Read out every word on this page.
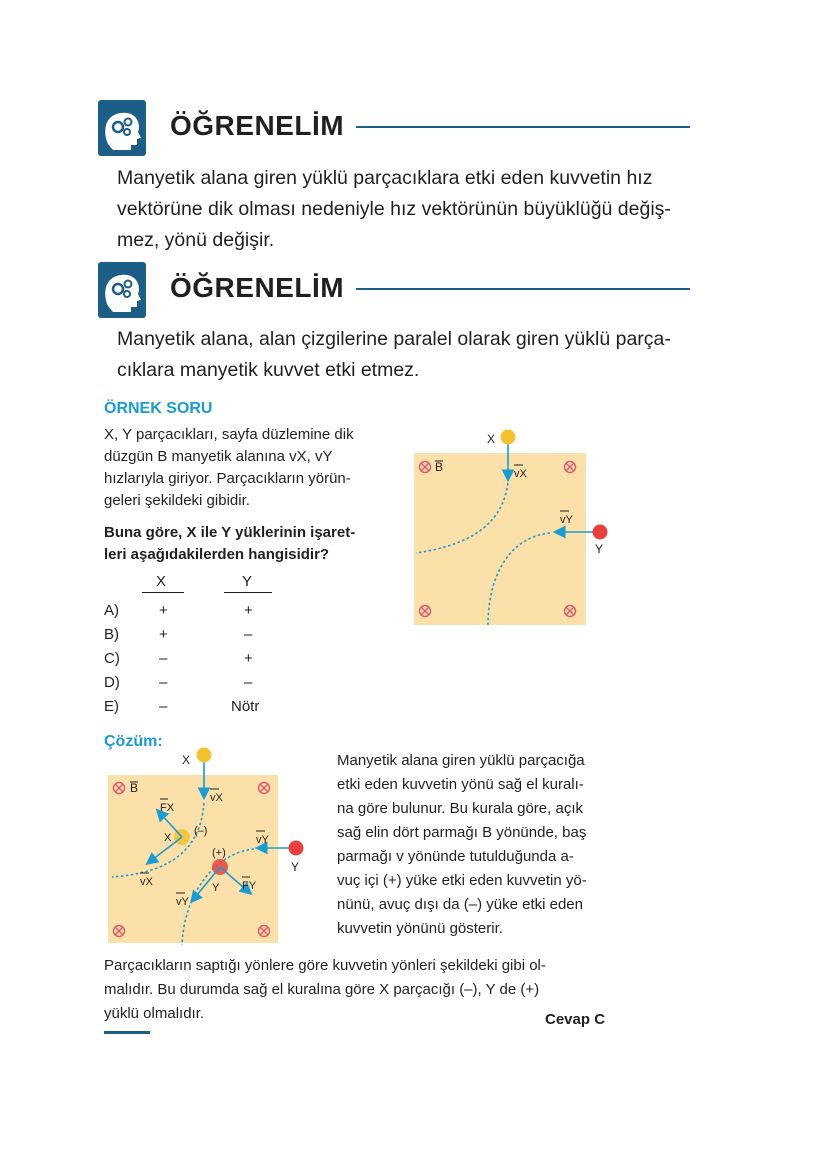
ÖĞRENELİM
Manyetik alana giren yüklü parçacıklara etki eden kuvvetin hız
vektörüne dik olması nedeniyle hız vektörünün büyüklüğü değiş-
mez, yönü değişir.
ÖĞRENELİM
Manyetik alana, alan çizgilerine paralel olarak giren yüklü parça-
cıklara manyetik kuvvet etki etmez.
ÖRNEK SORU
X, Y parçacıkları, sayfa düzlemine dik
düzgün B manyetik alanına vX, vY
hızlarıyla giriyor. Parçacıkların yörün-
geleri şekildeki gibidir.
Buna göre, X ile Y yüklerinin işaret-
leri aşağıdakilerden hangisidir?
X	Y
A)	+	+
B)	+	–
C)	–	+
D)	–	–
E)	–	Nötr
B	vX
vY
X
Y
Çözüm:
B
vX
vY
(–)
X
FX
vX
(+)
Y FY
vY
X
Y
Manyetik alana giren yüklü parçacığa
etki eden kuvvetin yönü sağ el kuralı-
na göre bulunur. Bu kurala göre, açık
sağ elin dört parmağı B yönünde, baş
parmağı v yönünde tutulduğunda a-
vuç içi (+) yüke etki eden kuvvetin yö-
nünü, avuç dışı da (–) yüke etki eden
kuvvetin yönünü gösterir.
Parçacıkların saptığı yönlere göre kuvvetin yönleri şekildeki gibi ol-
malıdır. Bu durumda sağ el kuralına göre X parçacığı (–), Y de (+)
yüklü olmalıdır.	Cevap C
